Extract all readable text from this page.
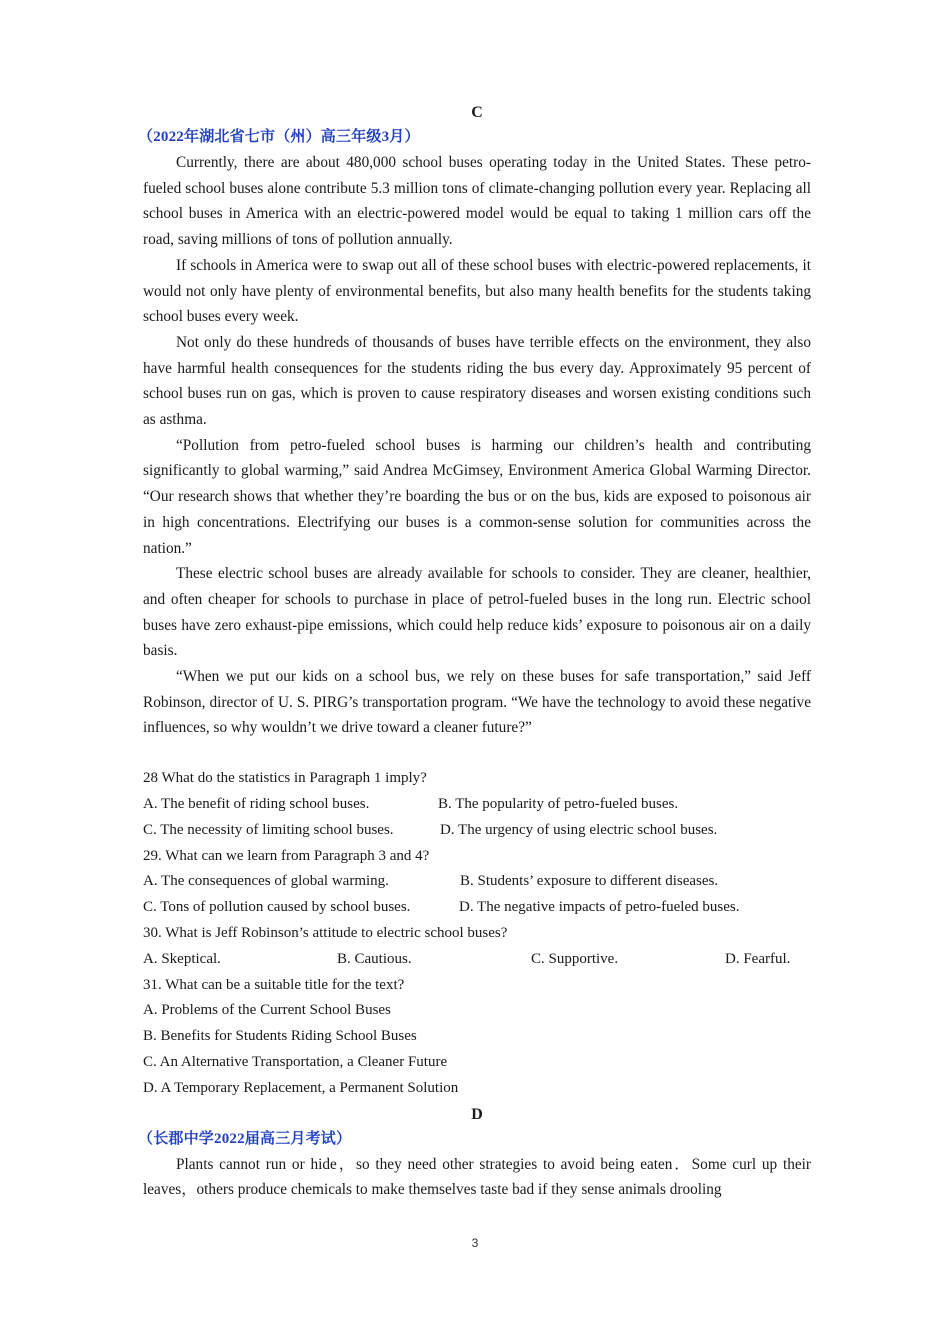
C
（2022年湖北省七市（州）高三年级3月）

Currently, there are about 480,000 school buses operating today in the United States. These petro-fueled school buses alone contribute 5.3 million tons of climate-changing pollution every year. Replacing all school buses in America with an electric-powered model would be equal to taking 1 million cars off the road, saving millions of tons of pollution annually.

If schools in America were to swap out all of these school buses with electric-powered replacements, it would not only have plenty of environmental benefits, but also many health benefits for the students taking school buses every week.

Not only do these hundreds of thousands of buses have terrible effects on the environment, they also have harmful health consequences for the students riding the bus every day. Approximately 95 percent of school buses run on gas, which is proven to cause respiratory diseases and worsen existing conditions such as asthma.

“Pollution from petro-fueled school buses is harming our children’s health and contributing significantly to global warming,” said Andrea McGimsey, Environment America Global Warming Director. “Our research shows that whether they’re boarding the bus or on the bus, kids are exposed to poisonous air in high concentrations. Electrifying our buses is a common-sense solution for communities across the nation.”

These electric school buses are already available for schools to consider. They are cleaner, healthier, and often cheaper for schools to purchase in place of petrol-fueled buses in the long run. Electric school buses have zero exhaust-pipe emissions, which could help reduce kids’ exposure to poisonous air on a daily basis.

“When we put our kids on a school bus, we rely on these buses for safe transportation,” said Jeff Robinson, director of U. S. PIRG’s transportation program. “We have the technology to avoid these negative influences, so why wouldn’t we drive toward a cleaner future?”

28 What do the statistics in Paragraph 1 imply?

A. The benefit of riding school buses.	B. The popularity of petro-fueled buses.
C. The necessity of limiting school buses.	D. The urgency of using electric school buses.

29. What can we learn from Paragraph 3 and 4?

A. The consequences of global warming.	B. Students’ exposure to different diseases.
C. Tons of pollution caused by school buses.	D. The negative impacts of petro-fueled buses.

30. What is Jeff Robinson’s attitude to electric school buses?

A. Skeptical.	B. Cautious.	C. Supportive.	D. Fearful.

31. What can be a suitable title for the text?

A. Problems of the Current School Buses

B. Benefits for Students Riding School Buses

C. An Alternative Transportation, a Cleaner Future

D. A Temporary Replacement, a Permanent Solution

D
（长郡中学2022届高三月考试）

Plants cannot run or hide，so they need other strategies to avoid being eaten．Some curl up their leaves，others produce chemicals to make themselves taste bad if they sense animals drooling

3
